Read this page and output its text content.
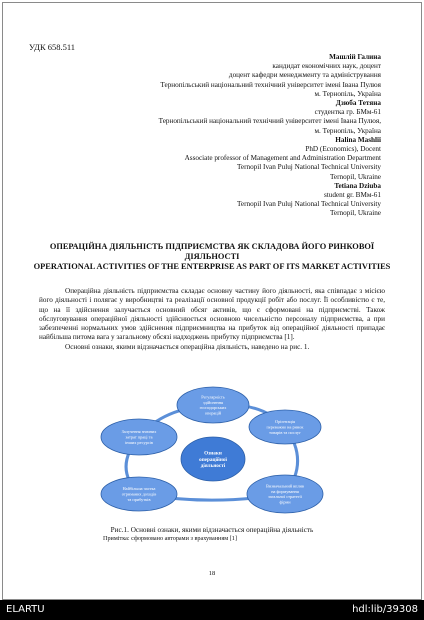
УДК 658.511
Машлій Галина
кандидат економічних наук, доцент
доцент кафедри менеджменту та адміністрування
Тернопільський національний технічний університет імені Івана Пулюя
м. Тернопіль, Україна
Дзюба Тетяна
студентка гр. БМм-61
Тернопільський національний технічний університет імені Івана Пулюя,
м. Тернопіль, Україна
Halina Mashlii
PhD (Economics), Docent
Associate professor of Management and Administration Department
Ternopil Ivan Puluj National Technical University
Ternopil, Ukraine
Tetiana Dziuba
student gr. BMм-61
Ternopil Ivan Puluj National Technical University
Ternopil, Ukraine
ОПЕРАЦІЙНА ДІЯЛЬНІСТЬ ПІДПРИЄМСТВА ЯК СКЛАДОВА ЙОГО РИНКОВОЇ ДІЯЛЬНОСТІ
OPERATIONAL ACTIVITIES OF THE ENTERPRISE AS PART OF ITS MARKET ACTIVITIES

Операційна діяльність підприємства складає основну частину його діяльності, яка співпадає з місією його діяльності і полягає у виробництві та реалізації основної продукції робіт або послуг. Її особливістю є те, що на її здійснення залучається основний обсяг активів, що є сформовані на підприємстві. Також обслуговування операційної діяльності здійснюється основною чисельністю персоналу підприємства, а при забезпеченні нормальних умов здійснення підприємництва на прибуток від операційної діяльності припадає найбільша питома вага у загальному обсязі надходжень прибутку підприємства [1].

Основні ознаки, якими відзначається операційна діяльність, наведено на рис. 1.

Регулярність
здійснення
господарських
операцій
Орієнтація
переважно на ринок
товарів та послуг
Визначальний вплив
на формування
загальної стратегії
фірми
Найбільша частка
отриманих доходів
та прибутків
Залучення значних
затрат праці та
інших ресурсів
Ознаки
операційної
діяльності
Рис.1. Основні ознаки, якими відзначається операційна діяльність
Примітка: сформовано авторами з врахуванням [1]
18
ELARTU	hdl:lib/39308
